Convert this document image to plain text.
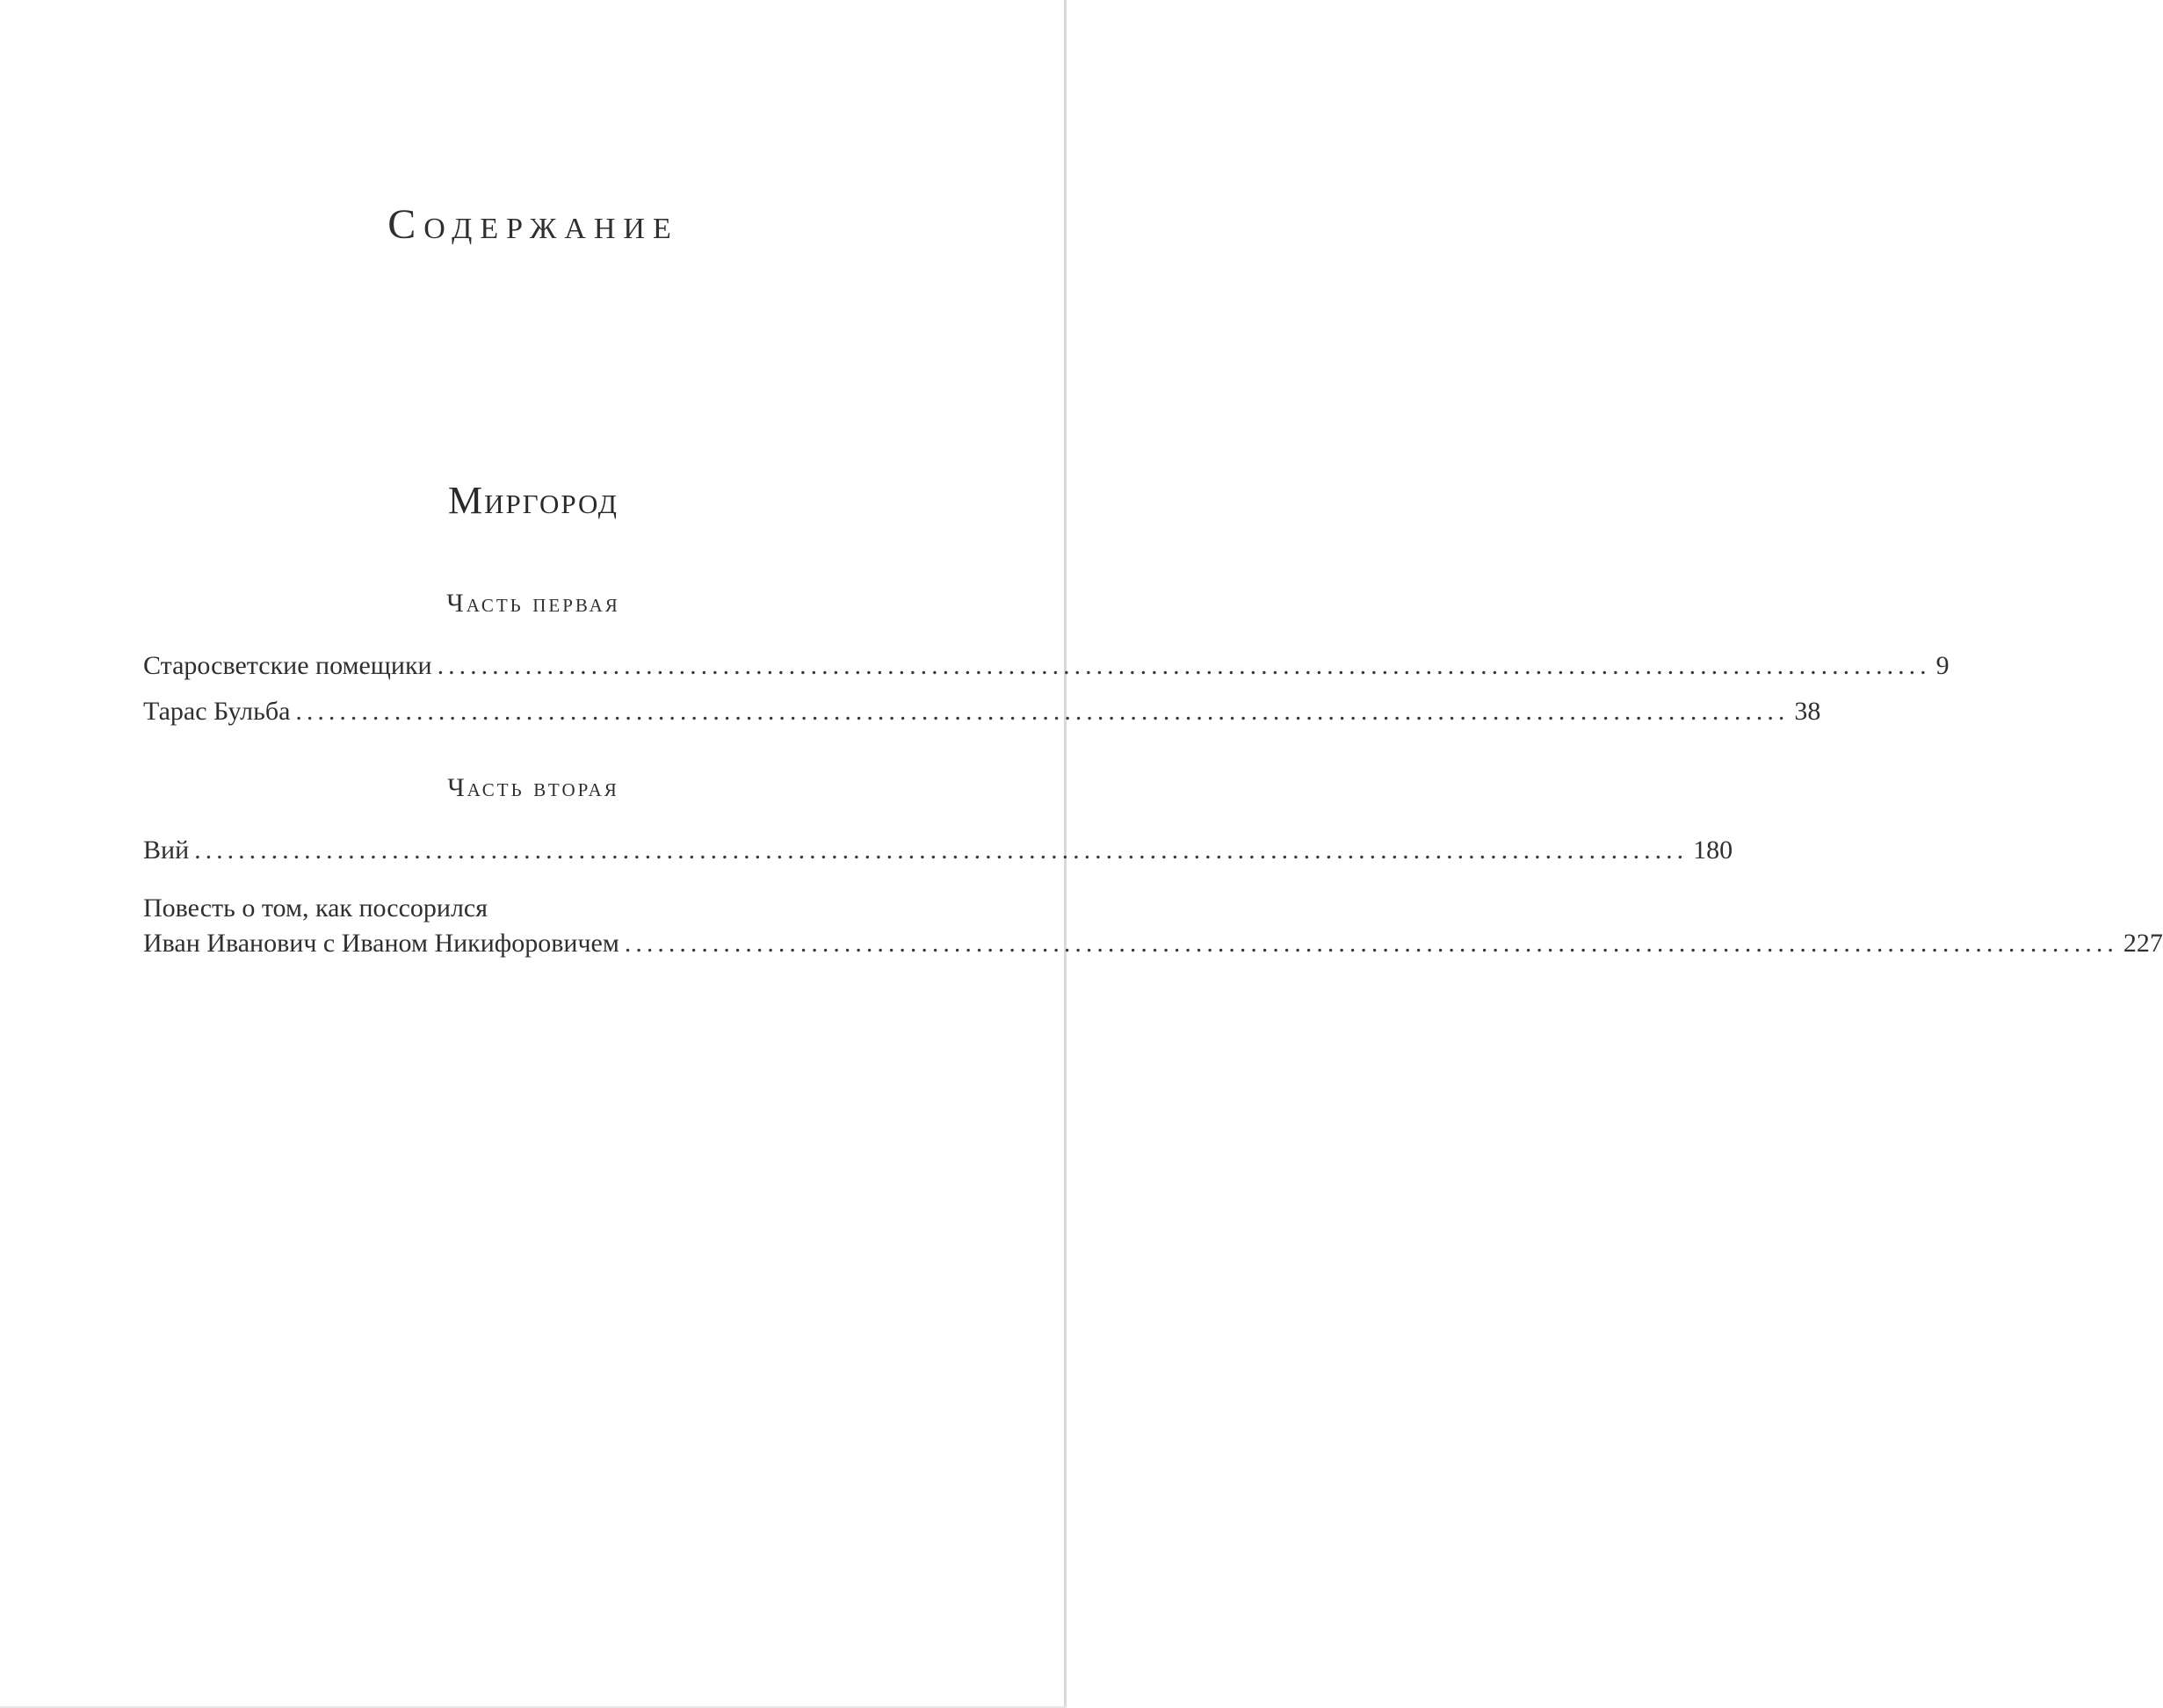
Содержание
Миргород
Часть первая
Старосветские помещики ........................................................................................................................................ 9
Тарас Бульба ........................................................................................................................................ 38
Часть вторая
Вий ........................................................................................................................................ 180
Повесть о том, как поссорился
Иван Иванович с Иваном Никифоровичем ........................................................................................................................................ 227
